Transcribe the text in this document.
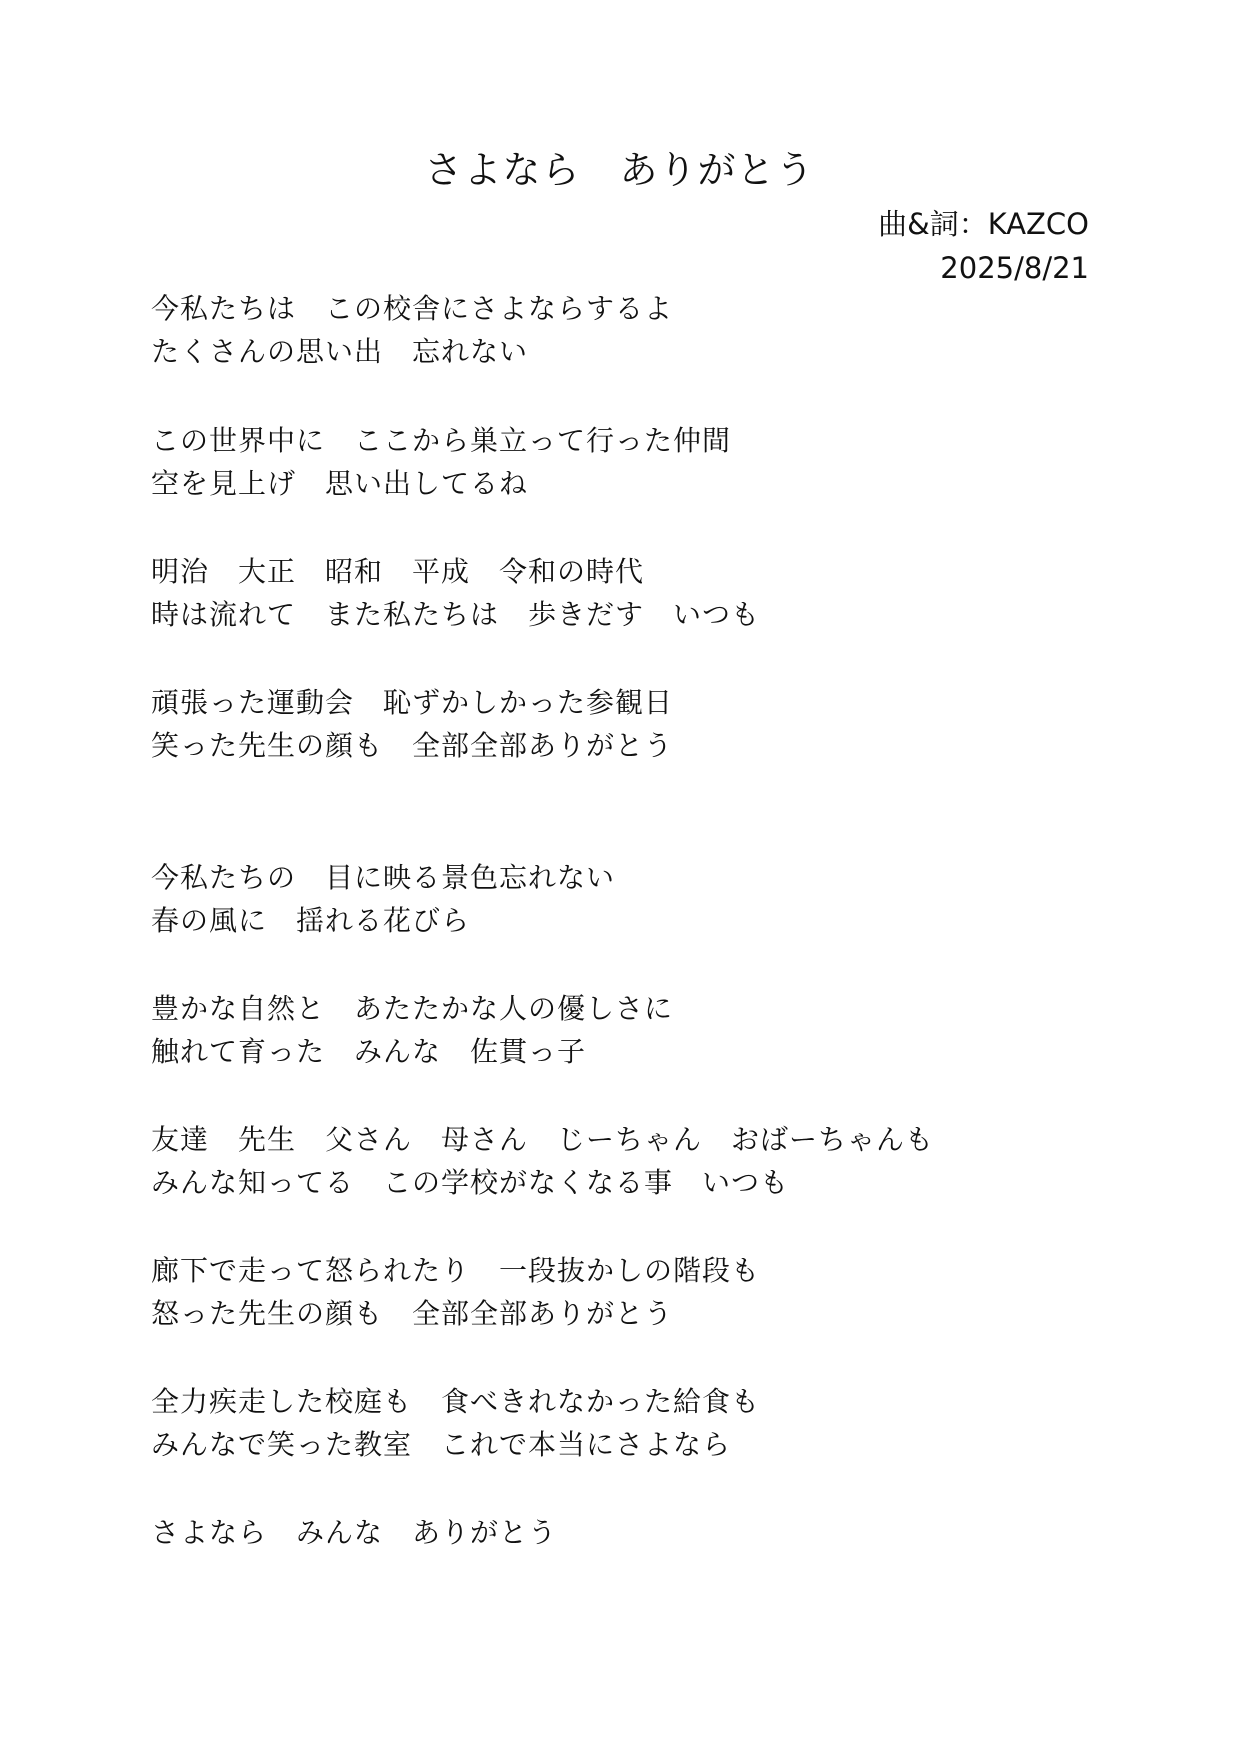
さよなら　ありがとう
曲&詞：KAZCO
2025/8/21
今私たちは　この校舎にさよならするよ
たくさんの思い出　忘れない
この世界中に　ここから巣立って行った仲間
空を見上げ　思い出してるね
明治　大正　昭和　平成　令和の時代
時は流れて　また私たちは　歩きだす　いつも
頑張った運動会　恥ずかしかった参観日
笑った先生の顔も　全部全部ありがとう
今私たちの　目に映る景色忘れない
春の風に　揺れる花びら
豊かな自然と　あたたかな人の優しさに
触れて育った　みんな　佐貫っ子
友達　先生　父さん　母さん　じーちゃん　おばーちゃんも
みんな知ってる　この学校がなくなる事　いつも
廊下で走って怒られたり　一段抜かしの階段も
怒った先生の顔も　全部全部ありがとう
全力疾走した校庭も　食べきれなかった給食も
みんなで笑った教室　これで本当にさよなら
さよなら　みんな　ありがとう
